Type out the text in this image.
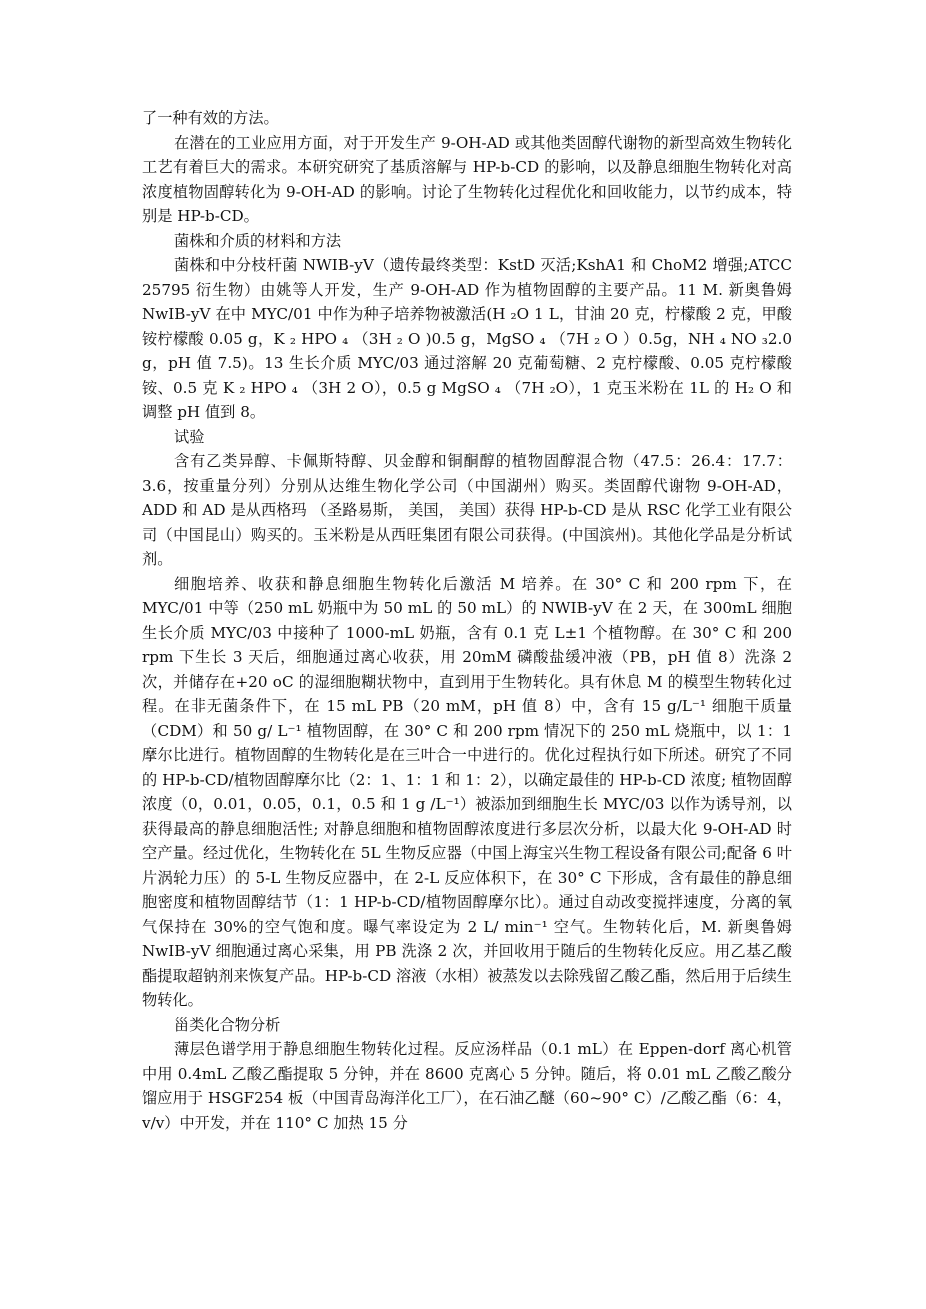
了一种有效的方法。

在潜在的工业应用方面，对于开发生产 9-OH-AD 或其他类固醇代谢物的新型高效生物转化工艺有着巨大的需求。本研究研究了基质溶解与 HP-b-CD 的影响，以及静息细胞生物转化对高浓度植物固醇转化为 9-OH-AD 的影响。讨论了生物转化过程优化和回收能力，以节约成本，特别是 HP-b-CD。

菌株和介质的材料和方法

菌株和中分枝杆菌 NWIB-yV（遗传最终类型：KstD 灭活;KshA1 和 ChoM2 增强;ATCC 25795 衍生物）由姚等人开发，生产 9-OH-AD 作为植物固醇的主要产品。11 M. 新奥鲁姆 NwIB-yV 在中 MYC/01 中作为种子培养物被激活(H ₂O 1 L，甘油 20 克，柠檬酸 2 克，甲酸铵柠檬酸 0.05 g，K ₂ HPO ₄ （3H ₂ O )0.5 g，MgSO ₄ （7H ₂ O ）0.5g，NH ₄ NO ₃2.0 g，pH 值 7.5)。13 生长介质 MYC/03 通过溶解 20 克葡萄糖、2 克柠檬酸、0.05 克柠檬酸铵、0.5 克 K ₂ HPO ₄ （3H 2 O），0.5 g MgSO ₄ （7H ₂O），1 克玉米粉在 1L 的 H₂ O 和调整 pH 值到 8。

试验

含有乙类异醇、卡佩斯特醇、贝金醇和铜酮醇的植物固醇混合物（47.5：26.4：17.7：3.6，按重量分列）分别从达维生物化学公司（中国湖州）购买。类固醇代谢物 9-OH-AD， ADD 和 AD 是从西格玛 （圣路易斯， 美国， 美国）获得 HP-b-CD 是从 RSC 化学工业有限公司（中国昆山）购买的。玉米粉是从西旺集团有限公司获得。(中国滨州)。其他化学品是分析试剂。

细胞培养、收获和静息细胞生物转化后激活 M 培养。在 30° C 和 200 rpm 下，在 MYC/01 中等（250 mL 奶瓶中为 50 mL 的 50 mL）的 NWIB-yV 在 2 天，在 300mL 细胞生长介质 MYC/03 中接种了 1000-mL 奶瓶，含有 0.1 克 L±1 个植物醇。在 30° C 和 200 rpm 下生长 3 天后，细胞通过离心收获，用 20mM 磷酸盐缓冲液（PB，pH 值 8）洗涤 2 次，并储存在+20 oC 的湿细胞糊状物中，直到用于生物转化。具有休息 M 的模型生物转化过程。在非无菌条件下，在 15 mL PB（20 mM，pH 值 8）中，含有 15 g/L⁻¹ 细胞干质量（CDM）和 50 g/ L⁻¹ 植物固醇，在 30° C 和 200 rpm 情况下的 250 mL 烧瓶中，以 1：1 摩尔比进行。植物固醇的生物转化是在三叶合一中进行的。优化过程执行如下所述。研究了不同的 HP-b-CD/植物固醇摩尔比（2：1、1：1 和 1：2），以确定最佳的 HP-b-CD 浓度; 植物固醇浓度（0，0.01，0.05，0.1，0.5 和 1 g /L⁻¹）被添加到细胞生长 MYC/03 以作为诱导剂，以获得最高的静息细胞活性; 对静息细胞和植物固醇浓度进行多层次分析，以最大化 9-OH-AD 时空产量。经过优化，生物转化在 5L 生物反应器（中国上海宝兴生物工程设备有限公司;配备 6 叶片涡轮力压）的 5-L 生物反应器中，在 2-L 反应体积下，在 30° C 下形成，含有最佳的静息细胞密度和植物固醇结节（1：1 HP-b-CD/植物固醇摩尔比）。通过自动改变搅拌速度，分离的氧气保持在 30%的空气饱和度。曝气率设定为 2 L/ min⁻¹ 空气。生物转化后，M. 新奥鲁姆 NwIB-yV 细胞通过离心采集，用 PB 洗涤 2 次，并回收用于随后的生物转化反应。用乙基乙酸酯提取超钠剂来恢复产品。HP-b-CD 溶液（水相）被蒸发以去除残留乙酸乙酯，然后用于后续生物转化。

甾类化合物分析

薄层色谱学用于静息细胞生物转化过程。反应汤样品（0.1 mL）在 Eppen-dorf 离心机管中用 0.4mL 乙酸乙酯提取 5 分钟，并在 8600 克离心 5 分钟。随后，将 0.01 mL 乙酸乙酸分馏应用于 HSGF254 板（中国青岛海洋化工厂），在石油乙醚（60~90° C）/乙酸乙酯（6：4，v/v）中开发，并在 110° C 加热 15 分
